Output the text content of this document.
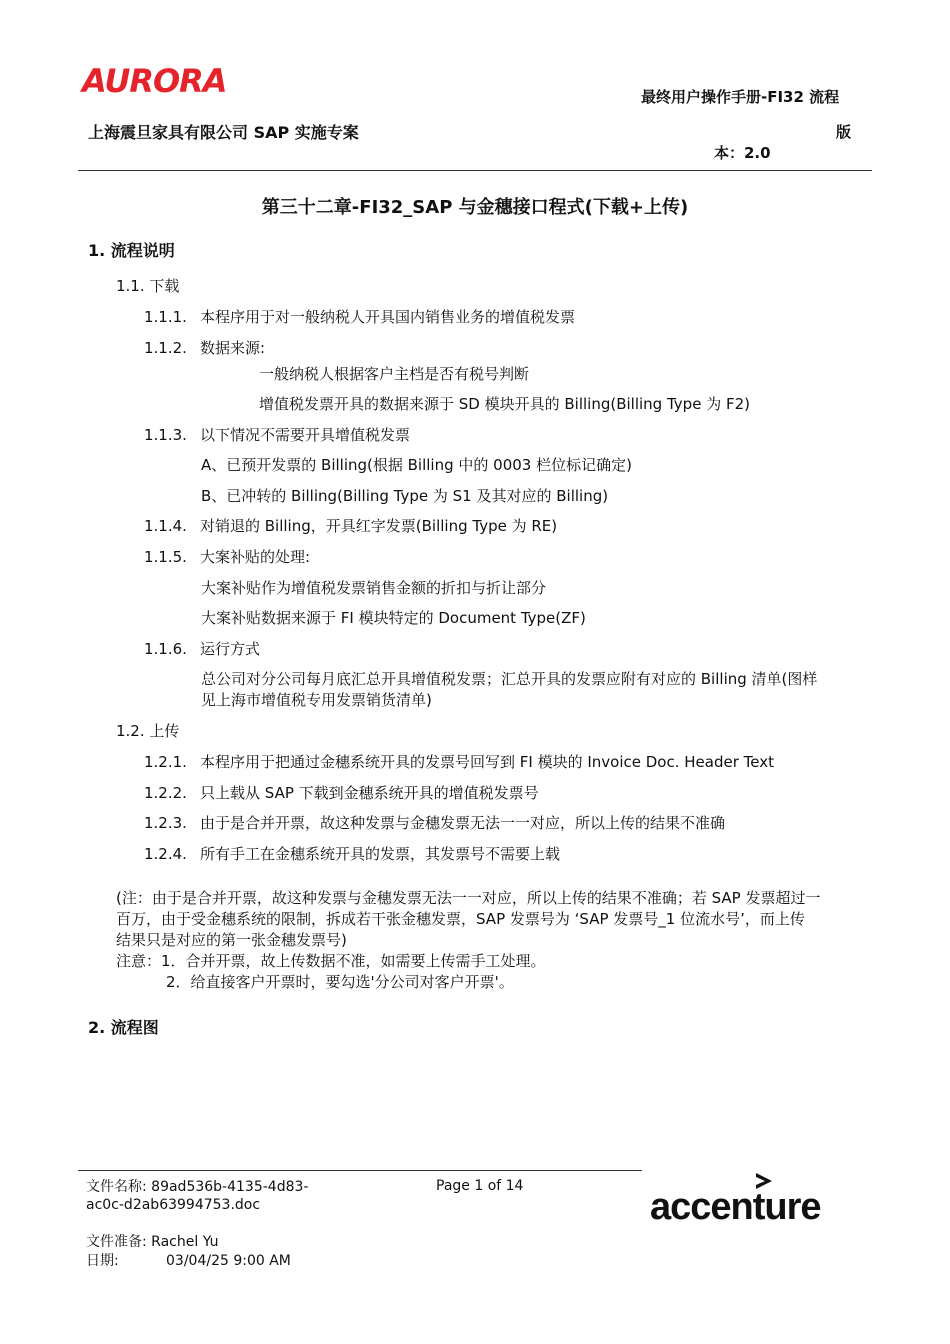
AURORA	最终用户操作手册-FI32 流程
上海震旦家具有限公司 SAP 实施专案	版
本：2.0
第三十二章-FI32_SAP 与金穗接口程式(下载+上传)
1. 流程说明
1.1. 下载
1.1.1. 本程序用于对一般纳税人开具国内销售业务的增值税发票
1.1.2. 数据来源:
一般纳税人根据客户主档是否有税号判断
增值税发票开具的数据来源于 SD 模块开具的 Billing(Billing Type 为 F2)
1.1.3. 以下情况不需要开具增值税发票
A、已预开发票的 Billing(根据 Billing 中的 0003 栏位标记确定)
B、已冲转的 Billing(Billing Type 为 S1 及其对应的 Billing)
1.1.4. 对销退的 Billing，开具红字发票(Billing Type 为 RE)
1.1.5. 大案补贴的处理:
大案补贴作为增值税发票销售金额的折扣与折让部分
大案补贴数据来源于 FI 模块特定的 Document Type(ZF)
1.1.6. 运行方式
总公司对分公司每月底汇总开具增值税发票；汇总开具的发票应附有对应的 Billing 清单(图样
见上海市增值税专用发票销货清单)
1.2. 上传
1.2.1. 本程序用于把通过金穗系统开具的发票号回写到 FI 模块的 Invoice Doc. Header Text
1.2.2. 只上载从 SAP 下载到金穗系统开具的增值税发票号
1.2.3. 由于是合并开票，故这种发票与金穗发票无法一一对应，所以上传的结果不准确
1.2.4. 所有手工在金穗系统开具的发票，其发票号不需要上载
(注：由于是合并开票，故这种发票与金穗发票无法一一对应，所以上传的结果不准确；若 SAP 发票超过一
百万，由于受金穗系统的限制，拆成若干张金穗发票，SAP 发票号为 ‘SAP 发票号_1 位流水号’，而上传
结果只是对应的第一张金穗发票号)
注意：1．合并开票，故上传数据不准，如需要上传需手工处理。
2．给直接客户开票时，要勾选'分公司对客户开票'。
2. 流程图
文件名称: 89ad536b-4135-4d83-
ac0c-d2ab63994753.doc
Page 1 of 14
文件准备: Rachel Yu
日期:	03/04/25 9:00 AM
accenture
